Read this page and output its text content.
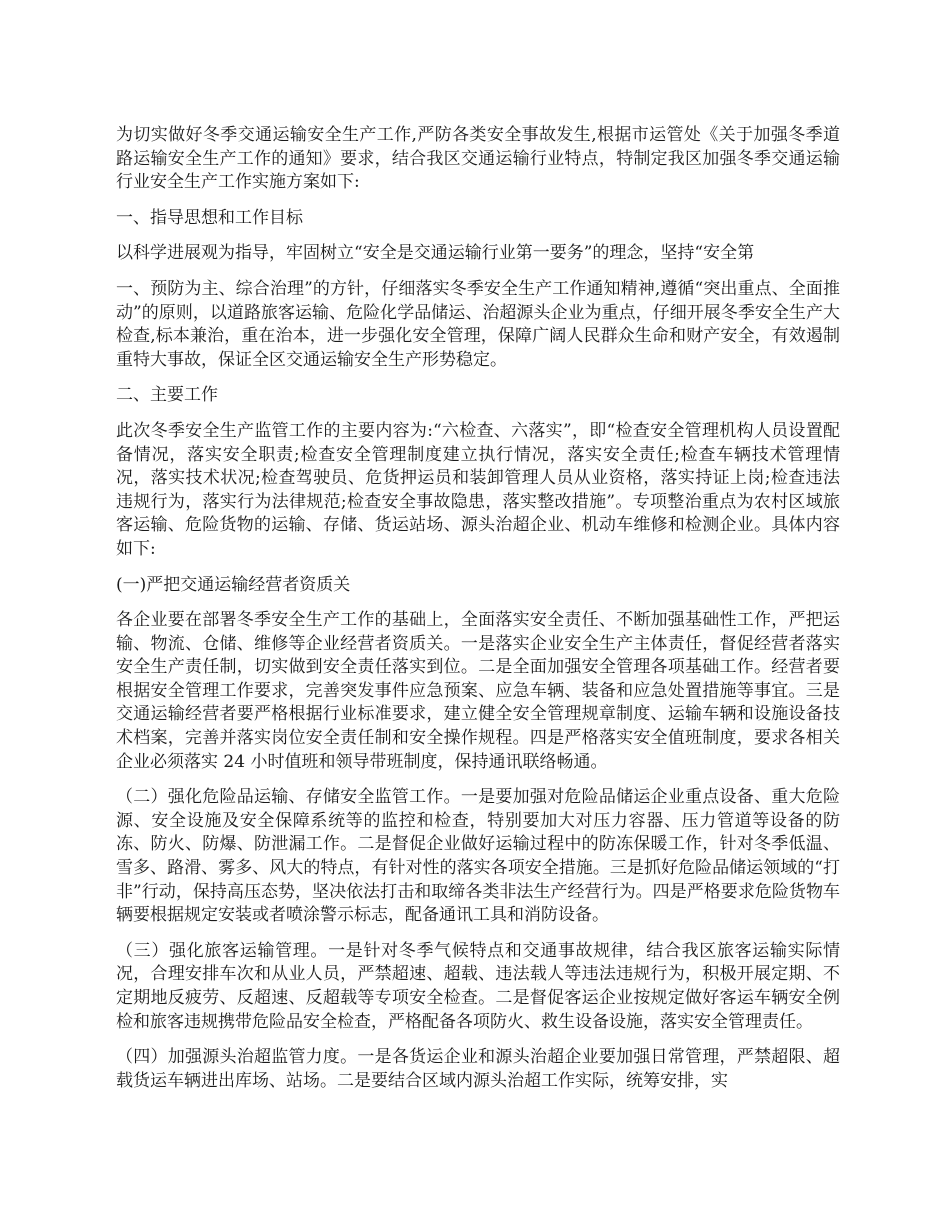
为切实做好冬季交通运输安全生产工作,严防各类安全事故发生,根据市运管处《关于加强冬季道路运输安全生产工作的通知》要求，结合我区交通运输行业特点，特制定我区加强冬季交通运输行业安全生产工作实施方案如下:

一、指导思想和工作目标

以科学进展观为指导，牢固树立“安全是交通运输行业第一要务”的理念，坚持“安全第

一、预防为主、综合治理”的方针，仔细落实冬季安全生产工作通知精神,遵循“突出重点、全面推动”的原则，以道路旅客运输、危险化学品储运、治超源头企业为重点，仔细开展冬季安全生产大检查,标本兼治，重在治本，进一步强化安全管理，保障广阔人民群众生命和财产安全，有效遏制重特大事故，保证全区交通运输安全生产形势稳定。

二、主要工作

此次冬季安全生产监管工作的主要内容为:“六检查、六落实”，即“检查安全管理机构人员设置配备情况，落实安全职责;检查安全管理制度建立执行情况，落实安全责任;检查车辆技术管理情况，落实技术状况;检查驾驶员、危货押运员和装卸管理人员从业资格，落实持证上岗;检查违法违规行为，落实行为法律规范;检查安全事故隐患，落实整改措施”。专项整治重点为农村区域旅客运输、危险货物的运输、存储、货运站场、源头治超企业、机动车维修和检测企业。具体内容如下:

(一)严把交通运输经营者资质关

各企业要在部署冬季安全生产工作的基础上，全面落实安全责任、不断加强基础性工作，严把运输、物流、仓储、维修等企业经营者资质关。一是落实企业安全生产主体责任，督促经营者落实安全生产责任制，切实做到安全责任落实到位。二是全面加强安全管理各项基础工作。经营者要根据安全管理工作要求，完善突发事件应急预案、应急车辆、装备和应急处置措施等事宜。三是交通运输经营者要严格根据行业标准要求，建立健全安全管理规章制度、运输车辆和设施设备技术档案，完善并落实岗位安全责任制和安全操作规程。四是严格落实安全值班制度，要求各相关企业必须落实 24 小时值班和领导带班制度，保持通讯联络畅通。

（二）强化危险品运输、存储安全监管工作。一是要加强对危险品储运企业重点设备、重大危险源、安全设施及安全保障系统等的监控和检查，特别要加大对压力容器、压力管道等设备的防冻、防火、防爆、防泄漏工作。二是督促企业做好运输过程中的防冻保暖工作，针对冬季低温、雪多、路滑、雾多、风大的特点，有针对性的落实各项安全措施。三是抓好危险品储运领域的“打非”行动，保持高压态势，坚决依法打击和取缔各类非法生产经营行为。四是严格要求危险货物车辆要根据规定安装或者喷涂警示标志，配备通讯工具和消防设备。

（三）强化旅客运输管理。一是针对冬季气候特点和交通事故规律，结合我区旅客运输实际情况，合理安排车次和从业人员，严禁超速、超载、违法载人等违法违规行为，积极开展定期、不定期地反疲劳、反超速、反超载等专项安全检查。二是督促客运企业按规定做好客运车辆安全例检和旅客违规携带危险品安全检查，严格配备各项防火、救生设备设施，落实安全管理责任。

（四）加强源头治超监管力度。一是各货运企业和源头治超企业要加强日常管理，严禁超限、超载货运车辆进出库场、站场。二是要结合区域内源头治超工作实际，统筹安排，实
